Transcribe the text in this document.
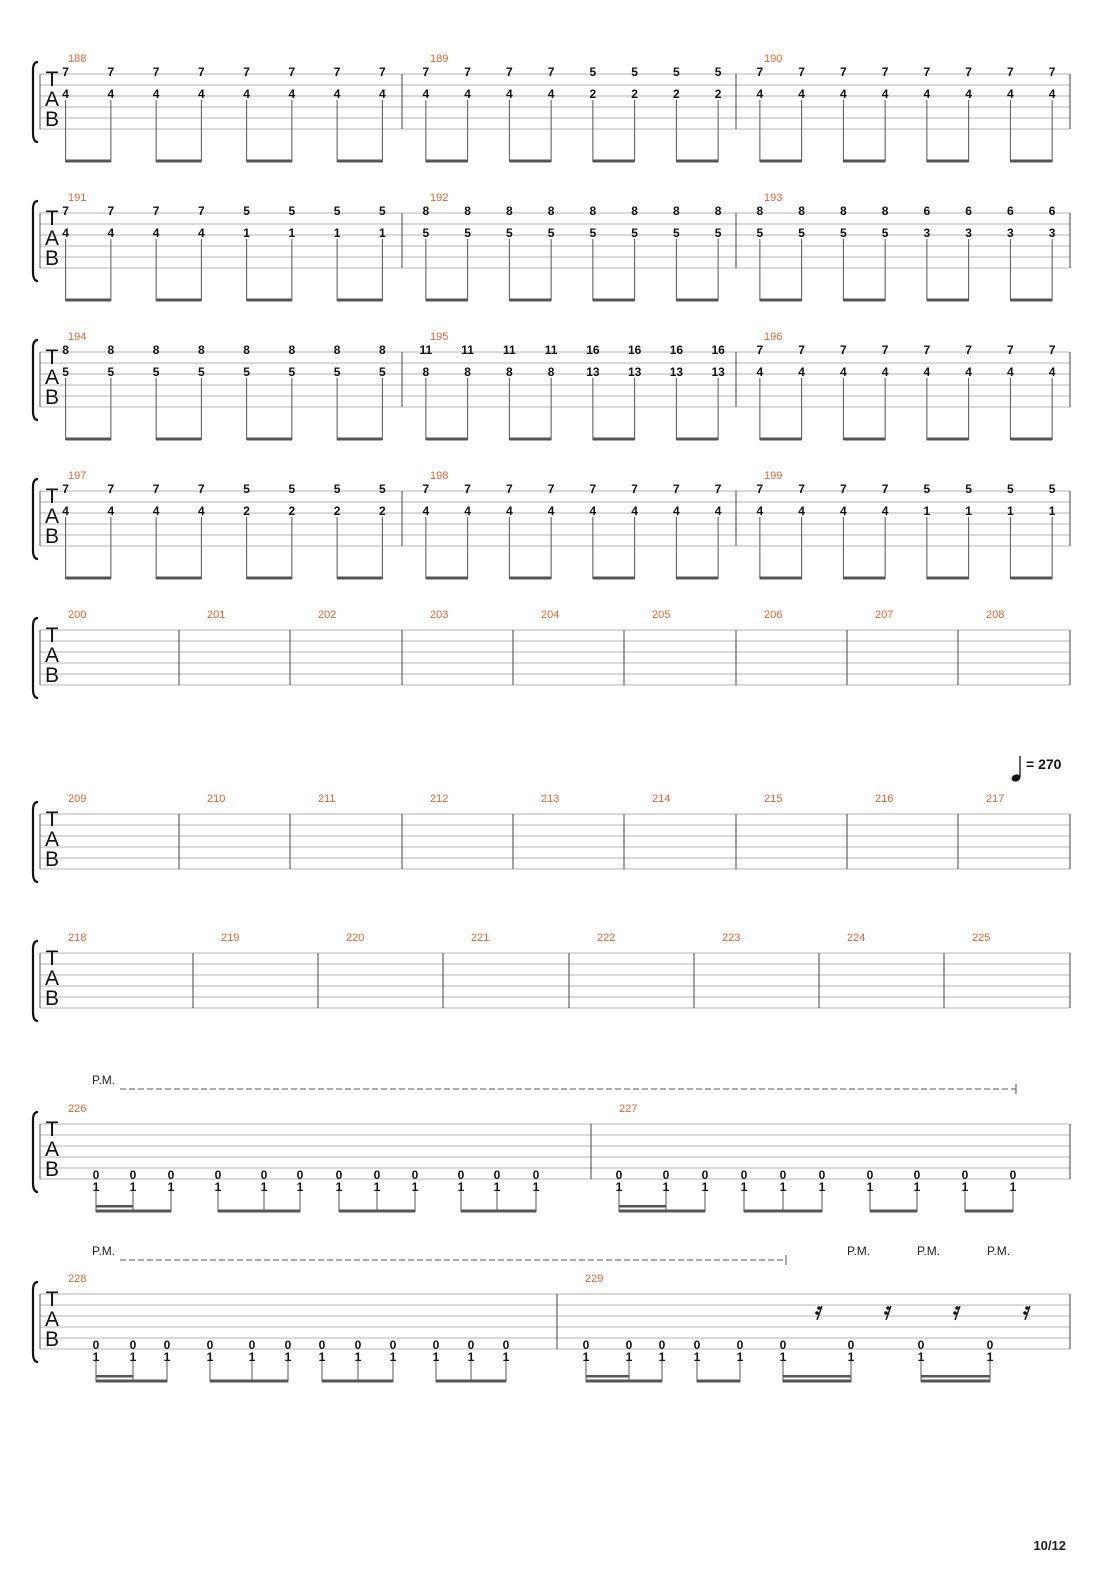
T
A
B
188
7
4
7
4
7
4
7
4
7
4
7
4
7
4
7
4
189
7
4
7
4
7
4
7
4
5
2
5
2
5
2
5
2
190
7
4
7
4
7
4
7
4
7
4
7
4
7
4
7
4
T
A
B
191
7
4
7
4
7
4
7
4
5
1
5
1
5
1
5
1
192
8
5
8
5
8
5
8
5
8
5
8
5
8
5
8
5
193
8
5
8
5
8
5
8
5
6
3
6
3
6
3
6
3
T
A
B
194
8
5
8
5
8
5
8
5
8
5
8
5
8
5
8
5
195
11
8
11
8
11
8
11
8
16
13
16
13
16
13
16
13
196
7
4
7
4
7
4
7
4
7
4
7
4
7
4
7
4
T
A
B
197
7
4
7
4
7
4
7
4
5
2
5
2
5
2
5
2
198
7
4
7
4
7
4
7
4
7
4
7
4
7
4
7
4
199
7
4
7
4
7
4
7
4
5
1
5
1
5
1
5
1
T
A
B
200	201	202	203	204	205	206	207	208
T
A
B
209	210	211	212	213	214	215	216	217
T
A
B
218	219	220	221	222	223	224	225
T
A
B
226
0
1
0
1
0
1
0
1
0
1
0
1
0
1
0
1
0
1
0
1
0
1
0
1
227
0
1
0
1
0
1
0
1
0
1
0
1
0
1
0
1
0
1
0
1
T
A
B
228
0
1
0
1
0
1
0
1
0
1
0
1
0
1
0
1
0
1
0
1
0
1
0
1
229
0
1
0
1
0
1
0
1
0
1
0
1
0
1
0
1
0
1
P.M.
P.M.	P.M.	P.M.	P.M.
= 270
10/12
